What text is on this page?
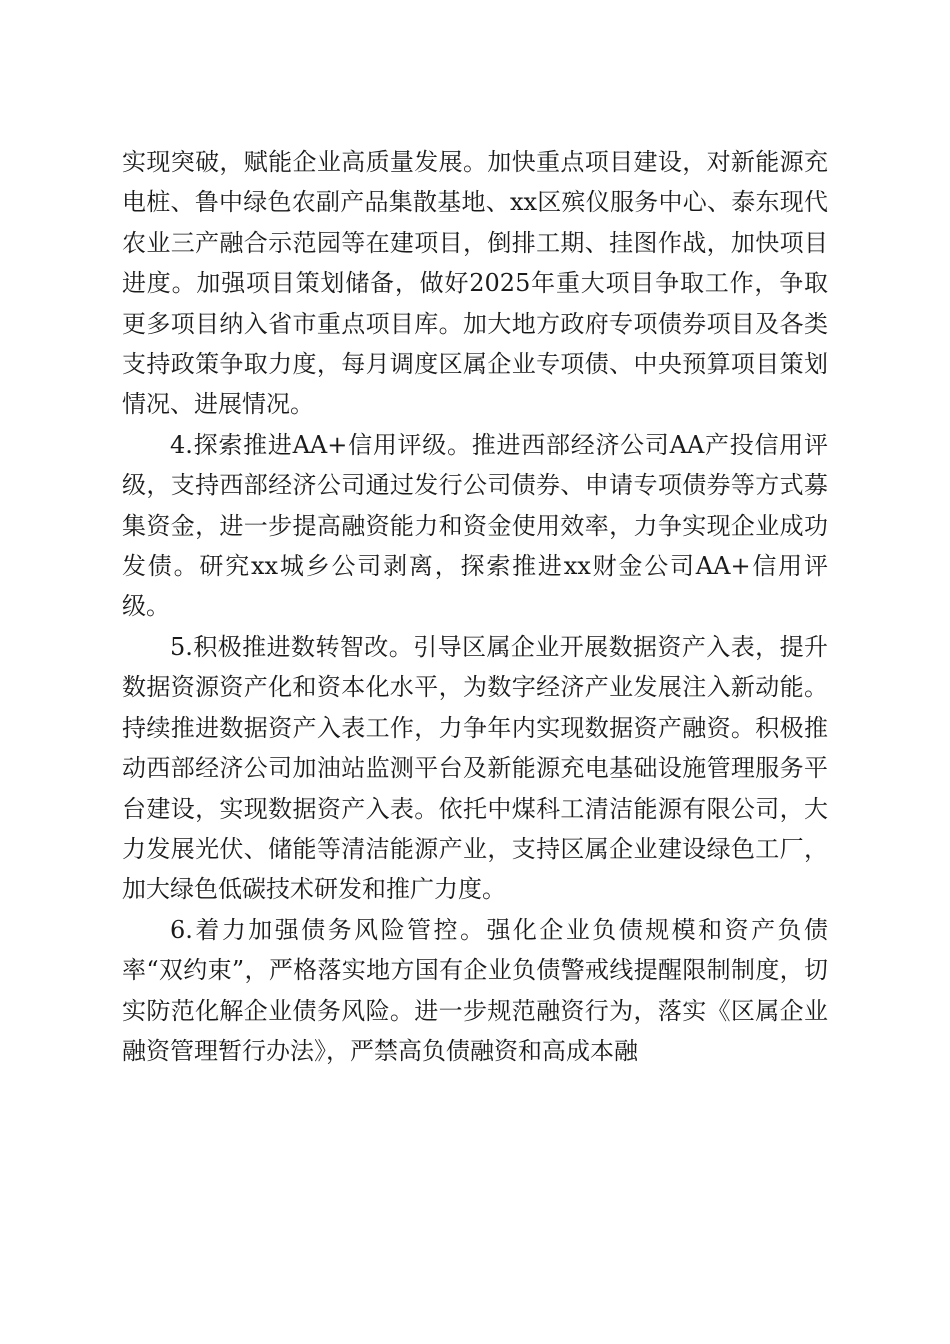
实现突破，赋能企业高质量发展。加快重点项目建设，对新能源充电桩、鲁中绿色农副产品集散基地、xx区殡仪服务中心、泰东现代农业三产融合示范园等在建项目，倒排工期、挂图作战，加快项目进度。加强项目策划储备，做好2025年重大项目争取工作，争取更多项目纳入省市重点项目库。加大地方政府专项债券项目及各类支持政策争取力度，每月调度区属企业专项债、中央预算项目策划情况、进展情况。

4.探索推进AA+信用评级。推进西部经济公司AA产投信用评级，支持西部经济公司通过发行公司债券、申请专项债券等方式募集资金，进一步提高融资能力和资金使用效率，力争实现企业成功发债。研究xx城乡公司剥离，探索推进xx财金公司AA+信用评级。

5.积极推进数转智改。引导区属企业开展数据资产入表，提升数据资源资产化和资本化水平，为数字经济产业发展注入新动能。持续推进数据资产入表工作，力争年内实现数据资产融资。积极推动西部经济公司加油站监测平台及新能源充电基础设施管理服务平台建设，实现数据资产入表。依托中煤科工清洁能源有限公司，大力发展光伏、储能等清洁能源产业，支持区属企业建设绿色工厂，加大绿色低碳技术研发和推广力度。

6.着力加强债务风险管控。强化企业负债规模和资产负债率“双约束”，严格落实地方国有企业负债警戒线提醒限制制度，切实防范化解企业债务风险。进一步规范融资行为，落实《区属企业融资管理暂行办法》，严禁高负债融资和高成本融
